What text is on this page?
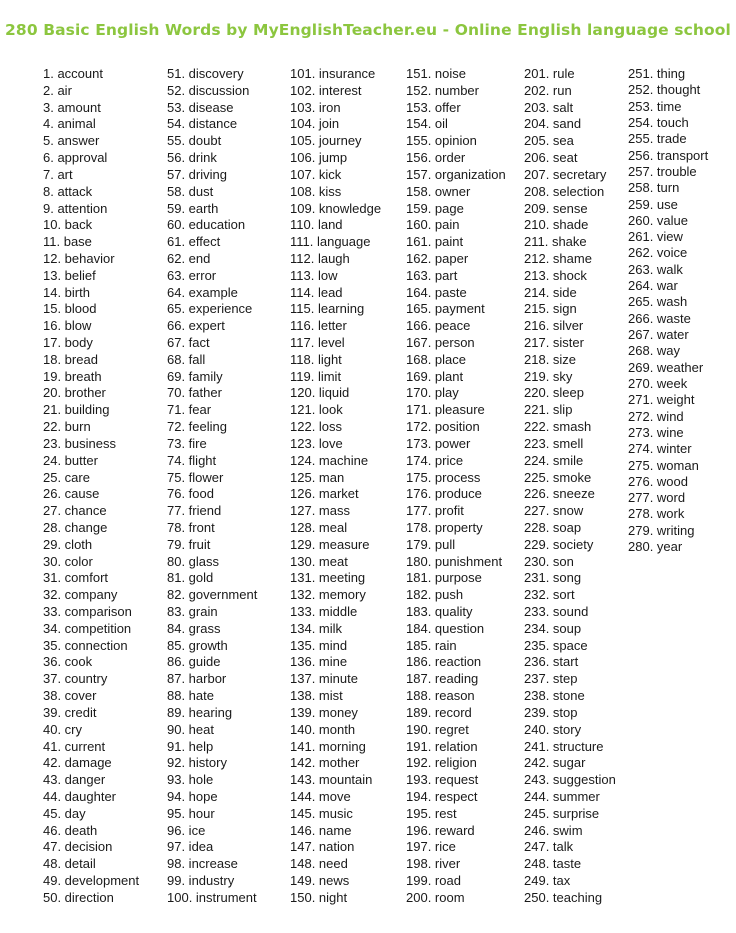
280 Basic English Words by MyEnglishTeacher.eu - Online English language school
1. account
2. air
3. amount
4. animal
5. answer
6. approval
7. art
8. attack
9. attention
10. back
11. base
12. behavior
13. belief
14. birth
15. blood
16. blow
17. body
18. bread
19. breath
20. brother
21. building
22. burn
23. business
24. butter
25. care
26. cause
27. chance
28. change
29. cloth
30. color
31. comfort
32. company
33. comparison
34. competition
35. connection
36. cook
37. country
38. cover
39. credit
40. cry
41. current
42. damage
43. danger
44. daughter
45. day
46. death
47. decision
48. detail
49. development
50. direction
51. discovery
52. discussion
53. disease
54. distance
55. doubt
56. drink
57. driving
58. dust
59. earth
60. education
61. effect
62. end
63. error
64. example
65. experience
66. expert
67. fact
68. fall
69. family
70. father
71. fear
72. feeling
73. fire
74. flight
75. flower
76. food
77. friend
78. front
79. fruit
80. glass
81. gold
82. government
83. grain
84. grass
85. growth
86. guide
87. harbor
88. hate
89. hearing
90. heat
91. help
92. history
93. hole
94. hope
95. hour
96. ice
97. idea
98. increase
99. industry
100. instrument
101. insurance
102. interest
103. iron
104. join
105. journey
106. jump
107. kick
108. kiss
109. knowledge
110. land
111. language
112. laugh
113. low
114. lead
115. learning
116. letter
117. level
118. light
119. limit
120. liquid
121. look
122. loss
123. love
124. machine
125. man
126. market
127. mass
128. meal
129. measure
130. meat
131. meeting
132. memory
133. middle
134. milk
135. mind
136. mine
137. minute
138. mist
139. money
140. month
141. morning
142. mother
143. mountain
144. move
145. music
146. name
147. nation
148. need
149. news
150. night
151. noise
152. number
153. offer
154. oil
155. opinion
156. order
157. organization
158. owner
159. page
160. pain
161. paint
162. paper
163. part
164. paste
165. payment
166. peace
167. person
168. place
169. plant
170. play
171. pleasure
172. position
173. power
174. price
175. process
176. produce
177. profit
178. property
179. pull
180. punishment
181. purpose
182. push
183. quality
184. question
185. rain
186. reaction
187. reading
188. reason
189. record
190. regret
191. relation
192. religion
193. request
194. respect
195. rest
196. reward
197. rice
198. river
199. road
200. room
201. rule
202. run
203. salt
204. sand
205. sea
206. seat
207. secretary
208. selection
209. sense
210. shade
211. shake
212. shame
213. shock
214. side
215. sign
216. silver
217. sister
218. size
219. sky
220. sleep
221. slip
222. smash
223. smell
224. smile
225. smoke
226. sneeze
227. snow
228. soap
229. society
230. son
231. song
232. sort
233. sound
234. soup
235. space
236. start
237. step
238. stone
239. stop
240. story
241. structure
242. sugar
243. suggestion
244. summer
245. surprise
246. swim
247. talk
248. taste
249. tax
250. teaching
251. thing
252. thought
253. time
254. touch
255. trade
256. transport
257. trouble
258. turn
259. use
260. value
261. view
262. voice
263. walk
264. war
265. wash
266. waste
267. water
268. way
269. weather
270. week
271. weight
272. wind
273. wine
274. winter
275. woman
276. wood
277. word
278. work
279. writing
280. year
